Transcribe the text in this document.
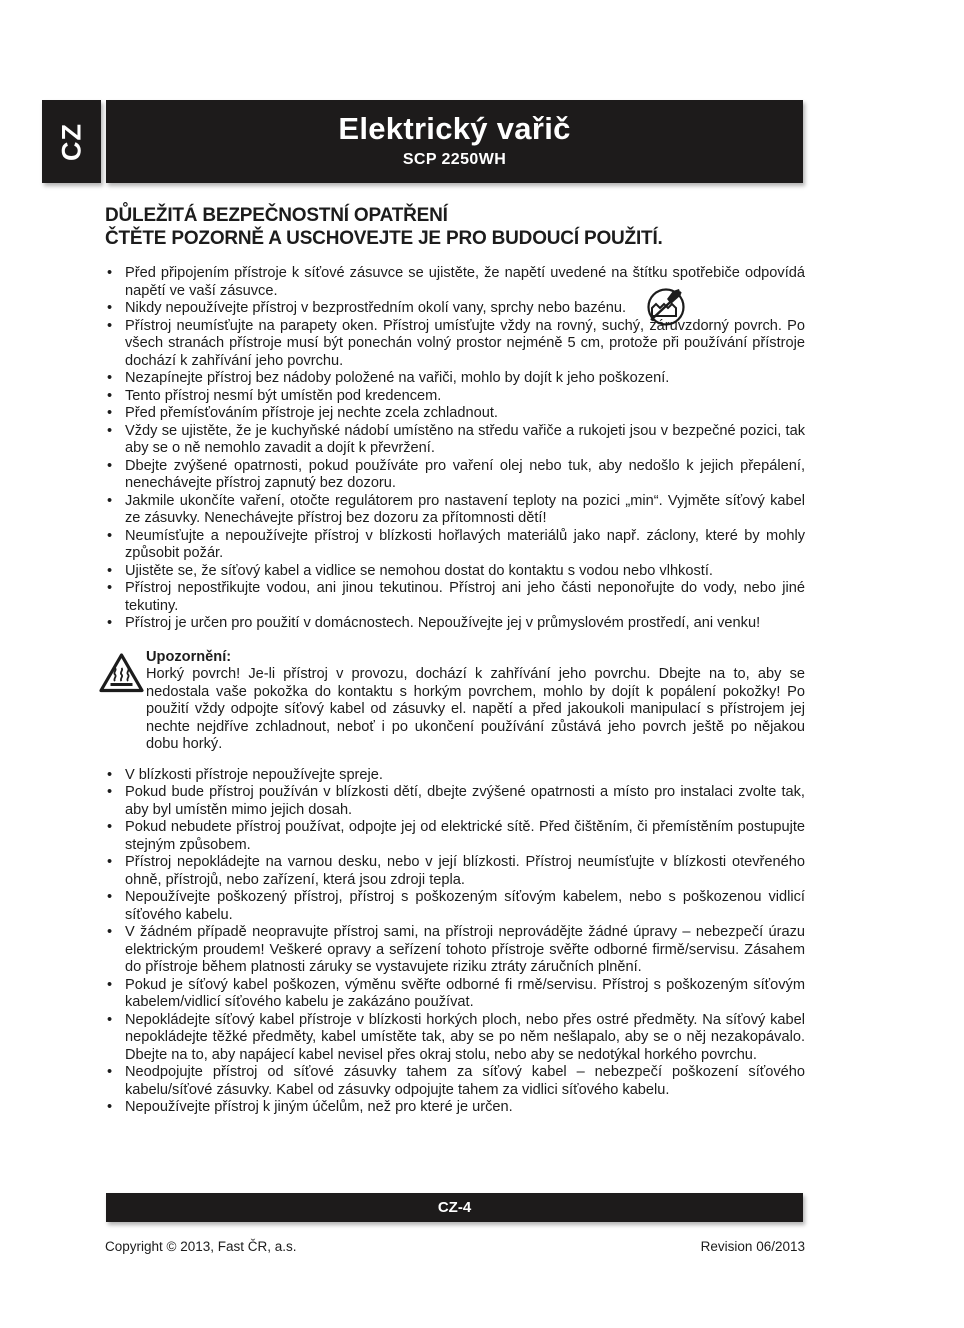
CZ	Elektrický vařič
SCP 2250WH
DŮLEŽITÁ BEZPEČNOSTNÍ OPATŘENÍ
ČTĚTE POZORNĚ A USCHOVEJTE JE PRO BUDOUCÍ POUŽITÍ.
• Před připojením přístroje k síťové zásuvce se ujistěte, že napětí uvedené na štítku spotřebiče odpovídá napětí ve vaší zásuvce.
• Nikdy nepoužívejte přístroj v bezprostředním okolí vany, sprchy nebo bazénu.
• Přístroj neumísťujte na parapety oken. Přístroj umísťujte vždy na rovný, suchý, žáruvzdorný povrch. Po všech stranách přístroje musí být ponechán volný prostor nejméně 5 cm, protože při používání přístroje dochází k zahřívání jeho povrchu.
• Nezapínejte přístroj bez nádoby položené na vařiči, mohlo by dojít k jeho poškození.
• Tento přístroj nesmí být umístěn pod kredencem.
• Před přemísťováním přístroje jej nechte zcela zchladnout.
• Vždy se ujistěte, že je kuchyňské nádobí umístěno na středu vařiče a rukojeti jsou v bezpečné pozici, tak aby se o ně nemohlo zavadit a dojít k převržení.
• Dbejte zvýšené opatrnosti, pokud používáte pro vaření olej nebo tuk, aby nedošlo k jejich přepálení, nenechávejte přístroj zapnutý bez dozoru.
• Jakmile ukončíte vaření, otočte regulátorem pro nastavení teploty na pozici „min“. Vyjměte síťový kabel ze zásuvky. Nenechávejte přístroj bez dozoru za přítomnosti dětí!
• Neumísťujte a nepoužívejte přístroj v blízkosti hořlavých materiálů jako např. záclony, které by mohly způsobit požár.
• Ujistěte se, že síťový kabel a vidlice se nemohou dostat do kontaktu s vodou nebo vlhkostí.
• Přístroj nepostřikujte vodou, ani jinou tekutinou. Přístroj ani jeho části neponořujte do vody, nebo jiné tekutiny.
• Přístroj je určen pro použití v domácnostech. Nepoužívejte jej v průmyslovém prostředí, ani venku!
Upozornění:
Horký povrch! Je-li přístroj v provozu, dochází k zahřívání jeho povrchu. Dbejte na to, aby se nedostala vaše pokožka do kontaktu s horkým povrchem, mohlo by dojít k popálení pokožky! Po použití vždy odpojte síťový kabel od zásuvky el. napětí a před jakoukoli manipulací s přístrojem jej nechte nejdříve zchladnout, neboť i po ukončení používání zůstává jeho povrch ještě po nějakou dobu horký.
• V blízkosti přístroje nepoužívejte spreje.
• Pokud bude přístroj používán v blízkosti dětí, dbejte zvýšené opatrnosti a místo pro instalaci zvolte tak, aby byl umístěn mimo jejich dosah.
• Pokud nebudete přístroj používat, odpojte jej od elektrické sítě. Před čištěním, či přemístěním postupujte stejným způsobem.
• Přístroj nepokládejte na varnou desku, nebo v její blízkosti. Přístroj neumísťujte v blízkosti otevřeného ohně, přístrojů, nebo zařízení, která jsou zdroji tepla.
• Nepoužívejte poškozený přístroj, přístroj s poškozeným síťovým kabelem, nebo s poškozenou vidlicí síťového kabelu.
• V žádném případě neopravujte přístroj sami, na přístroji neprovádějte žádné úpravy – nebezpečí úrazu elektrickým proudem! Veškeré opravy a seřízení tohoto přístroje svěřte odborné firmě/servisu. Zásahem do přístroje během platnosti záruky se vystavujete riziku ztráty záručních plnění.
• Pokud je síťový kabel poškozen, výměnu svěřte odborné fi rmě/servisu. Přístroj s poškozeným síťovým kabelem/vidlicí síťového kabelu je zakázáno používat.
• Nepokládejte síťový kabel přístroje v blízkosti horkých ploch, nebo přes ostré předměty. Na síťový kabel nepokládejte těžké předměty, kabel umístěte tak, aby se po něm nešlapalo, aby se o něj nezakopávalo. Dbejte na to, aby napájecí kabel nevisel přes okraj stolu, nebo aby se nedotýkal horkého povrchu.
• Neodpojujte přístroj od síťové zásuvky tahem za síťový kabel – nebezpečí poškození síťového kabelu/síťové zásuvky. Kabel od zásuvky odpojujte tahem za vidlici síťového kabelu.
• Nepoužívejte přístroj k jiným účelům, než pro které je určen.
CZ-4
Copyright © 2013, Fast ČR, a.s.	Revision 06/2013
